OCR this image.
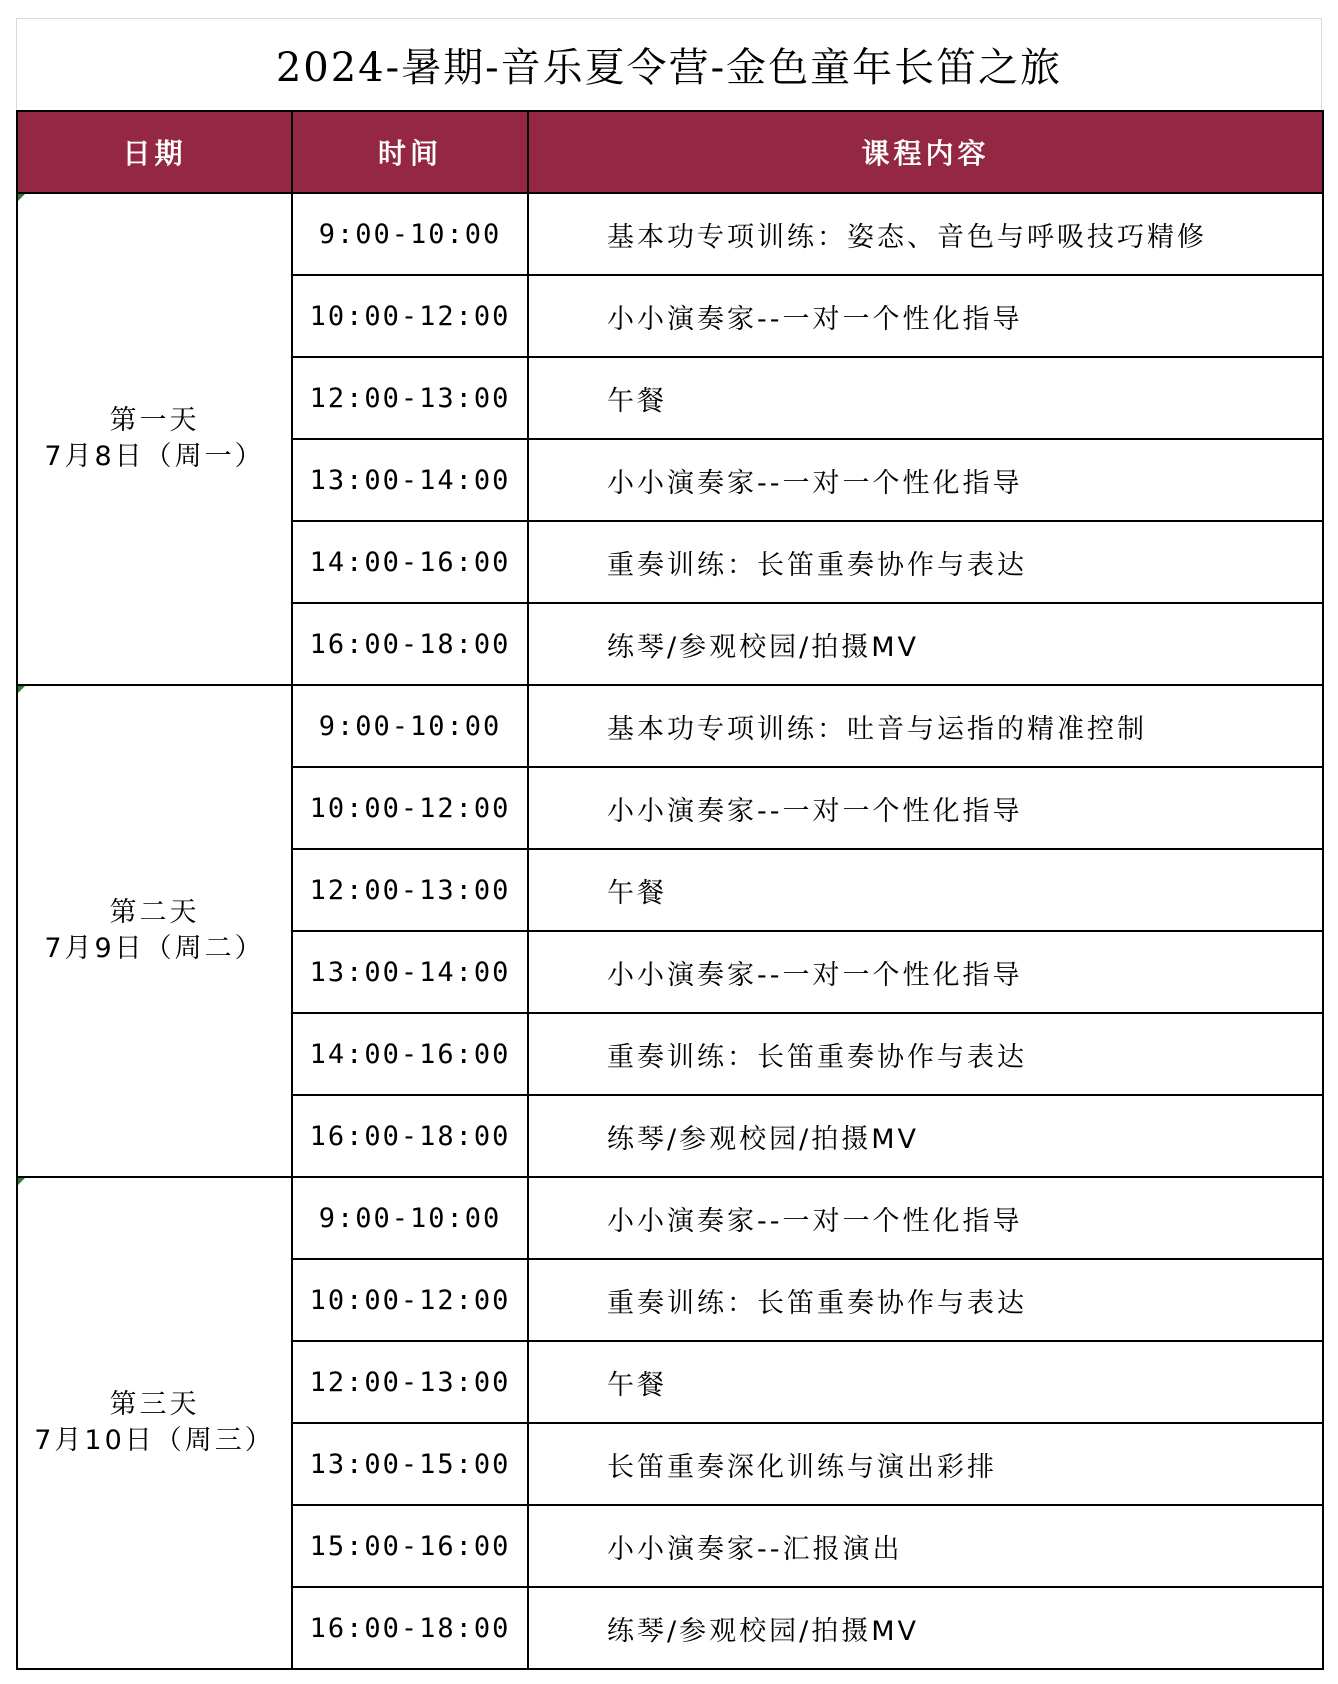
2024-暑期-音乐夏令营-金色童年长笛之旅
日期	时间	课程内容

第一天
7月8日（周一）	9:00-10:00	基本功专项训练：姿态、音色与呼吸技巧精修
	10:00-12:00	小小演奏家--一对一个性化指导
	12:00-13:00	午餐
	13:00-14:00	小小演奏家--一对一个性化指导
	14:00-16:00	重奏训练：长笛重奏协作与表达
	16:00-18:00	练琴/参观校园/拍摄MV

第二天
7月9日（周二）	9:00-10:00	基本功专项训练：吐音与运指的精准控制
	10:00-12:00	小小演奏家--一对一个性化指导
	12:00-13:00	午餐
	13:00-14:00	小小演奏家--一对一个性化指导
	14:00-16:00	重奏训练：长笛重奏协作与表达
	16:00-18:00	练琴/参观校园/拍摄MV

第三天
7月10日（周三）	9:00-10:00	小小演奏家--一对一个性化指导
	10:00-12:00	重奏训练：长笛重奏协作与表达
	12:00-13:00	午餐
	13:00-15:00	长笛重奏深化训练与演出彩排
	15:00-16:00	小小演奏家--汇报演出
	16:00-18:00	练琴/参观校园/拍摄MV
